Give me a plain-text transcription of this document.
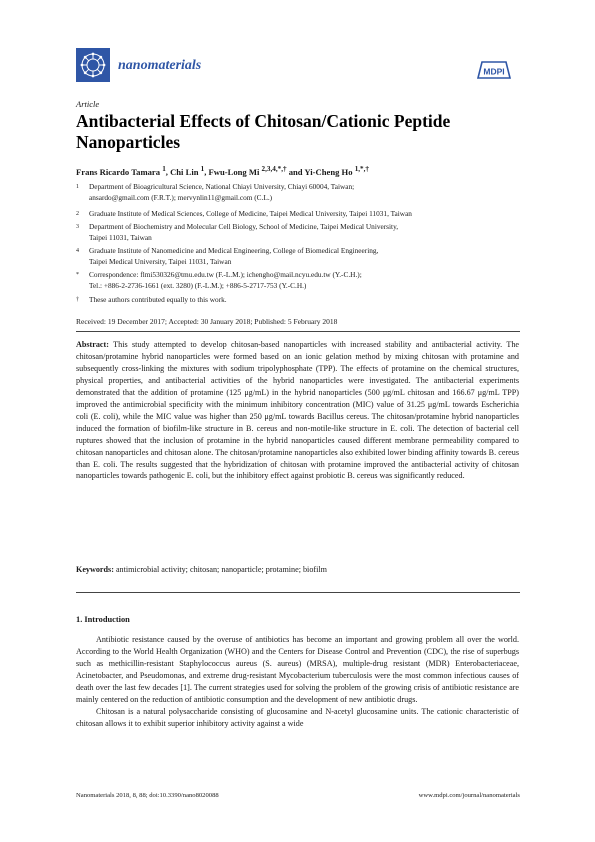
nanomaterials	MDPI
Article
Antibacterial Effects of Chitosan/Cationic Peptide Nanoparticles
Frans Ricardo Tamara $^1$, Chi Lin $^1$, Fwu-Long Mi $^{2,3,4,*,\dagger}$ and Yi-Cheng Ho $^{1,*,\dagger}$
1	Department of Bioagricultural Science, National Chiayi University, Chiayi 60004, Taiwan;
ansardo@gmail.com (F.R.T.); mervynlin11@gmail.com (C.L.)
2	Graduate Institute of Medical Sciences, College of Medicine, Taipei Medical University, Taipei 11031, Taiwan
3	Department of Biochemistry and Molecular Cell Biology, School of Medicine, Taipei Medical University,
Taipei 11031, Taiwan
4	Graduate Institute of Nanomedicine and Medical Engineering, College of Biomedical Engineering,
Taipei Medical University, Taipei 11031, Taiwan
*	Correspondence: flmi530326@tmu.edu.tw (F.-L.M.); ichengho@mail.ncyu.edu.tw (Y.-C.H.);
Tel.: +886-2-2736-1661 (ext. 3280) (F.-L.M.); +886-5-2717-753 (Y.-C.H.)
†	These authors contributed equally to this work.
Received: 19 December 2017; Accepted: 30 January 2018; Published: 5 February 2018
Abstract: This study attempted to develop chitosan-based nanoparticles with increased stability and antibacterial activity. The chitosan/protamine hybrid nanoparticles were formed based on an ionic gelation method by mixing chitosan with protamine and subsequently cross-linking the mixtures with sodium tripolyphosphate (TPP). The effects of protamine on the chemical structures, physical properties, and antibacterial activities of the hybrid nanoparticles were investigated. The antibacterial experiments demonstrated that the addition of protamine (125 μg/mL) in the hybrid nanoparticles (500 μg/mL chitosan and 166.67 μg/mL TPP) improved the antimicrobial specificity with the minimum inhibitory concentration (MIC) value of 31.25 μg/mL towards Escherichia coli (E. coli), while the MIC value was higher than 250 μg/mL towards Bacillus cereus. The chitosan/protamine hybrid nanoparticles induced the formation of biofilm-like structure in B. cereus and non-motile-like structure in E. coli. The detection of bacterial cell ruptures showed that the inclusion of protamine in the hybrid nanoparticles caused different membrane permeability compared to chitosan nanoparticles and chitosan alone. The chitosan/protamine nanoparticles also exhibited lower binding affinity towards B. cereus than E. coli. The results suggested that the hybridization of chitosan with protamine improved the antibacterial activity of chitosan nanoparticles towards pathogenic E. coli, but the inhibitory effect against probiotic B. cereus was significantly reduced.
Keywords: antimicrobial activity; chitosan; nanoparticle; protamine; biofilm
1. Introduction

Antibiotic resistance caused by the overuse of antibiotics has become an important and growing problem all over the world. According to the World Health Organization (WHO) and the Centers for Disease Control and Prevention (CDC), the rise of superbugs such as methicillin-resistant Staphylococcus aureus (S. aureus) (MRSA), multiple-drug resistant (MDR) Enterobacteriaceae, Acinetobacter, and Pseudomonas, and extreme drug-resistant Mycobacterium tuberculosis were the most common infectious causes of death over the last few decades [1]. The current strategies used for solving the problem of the growing crisis of antibiotic resistance are mainly centered on the reduction of antibiotic consumption and the development of new antibiotic drugs.

Chitosan is a natural polysaccharide consisting of glucosamine and N-acetyl glucosamine units. The cationic characteristic of chitosan allows it to exhibit superior inhibitory activity against a wide

Nanomaterials 2018, 8, 88; doi:10.3390/nano8020088	www.mdpi.com/journal/nanomaterials
